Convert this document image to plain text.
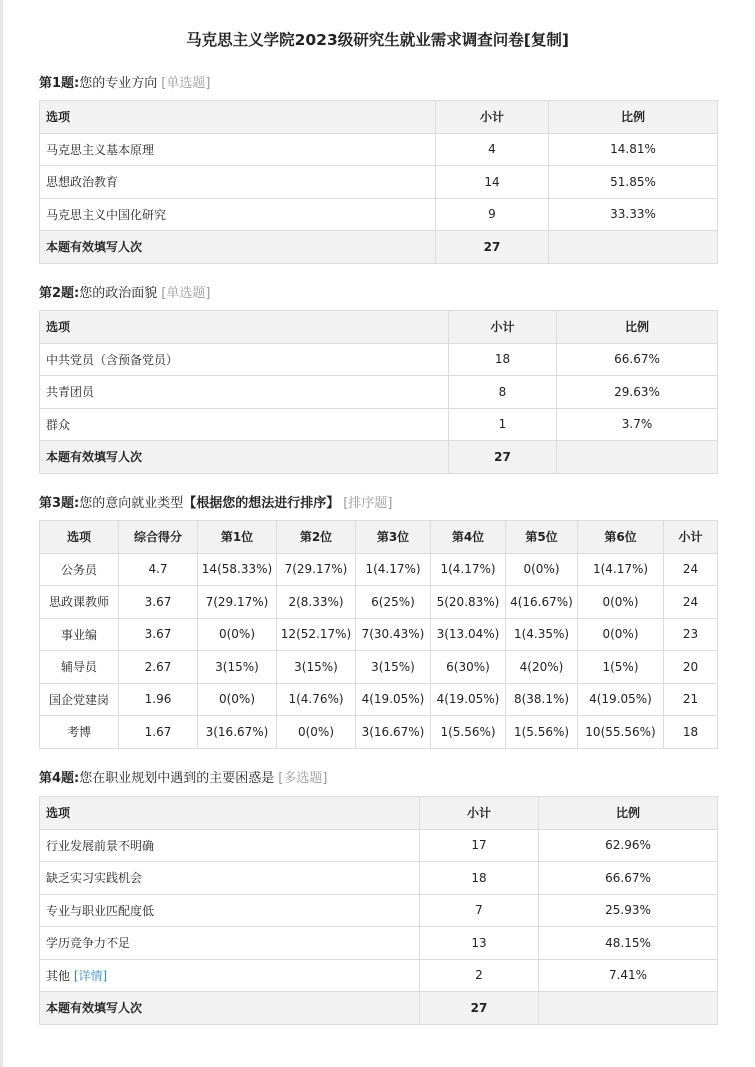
马克思主义学院2023级研究生就业需求调查问卷[复制]
第1题:您的专业方向 [单选题]
选项	小计	比例
马克思主义基本原理	4	14.81%
思想政治教育	14	51.85%
马克思主义中国化研究	9	33.33%
本题有效填写人次	27	
第2题:您的政治面貌 [单选题]
选项	小计	比例
中共党员（含预备党员）	18	66.67%
共青团员	8	29.63%
群众	1	3.7%
本题有效填写人次	27	
第3题:您的意向就业类型【根据您的想法进行排序】 [排序题]
选项	综合得分	第1位	第2位	第3位	第4位	第5位	第6位	小计
公务员	4.7	14(58.33%)	7(29.17%)	1(4.17%)	1(4.17%)	0(0%)	1(4.17%)	24
思政课教师	3.67	7(29.17%)	2(8.33%)	6(25%)	5(20.83%)	4(16.67%)	0(0%)	24
事业编	3.67	0(0%)	12(52.17%)	7(30.43%)	3(13.04%)	1(4.35%)	0(0%)	23
辅导员	2.67	3(15%)	3(15%)	3(15%)	6(30%)	4(20%)	1(5%)	20
国企党建岗	1.96	0(0%)	1(4.76%)	4(19.05%)	4(19.05%)	8(38.1%)	4(19.05%)	21
考博	1.67	3(16.67%)	0(0%)	3(16.67%)	1(5.56%)	1(5.56%)	10(55.56%)	18
第4题:您在职业规划中遇到的主要困惑是 [多选题]
选项	小计	比例
行业发展前景不明确	17	62.96%
缺乏实习实践机会	18	66.67%
专业与职业匹配度低	7	25.93%
学历竞争力不足	13	48.15%
其他 [详情]	2	7.41%
本题有效填写人次	27	
